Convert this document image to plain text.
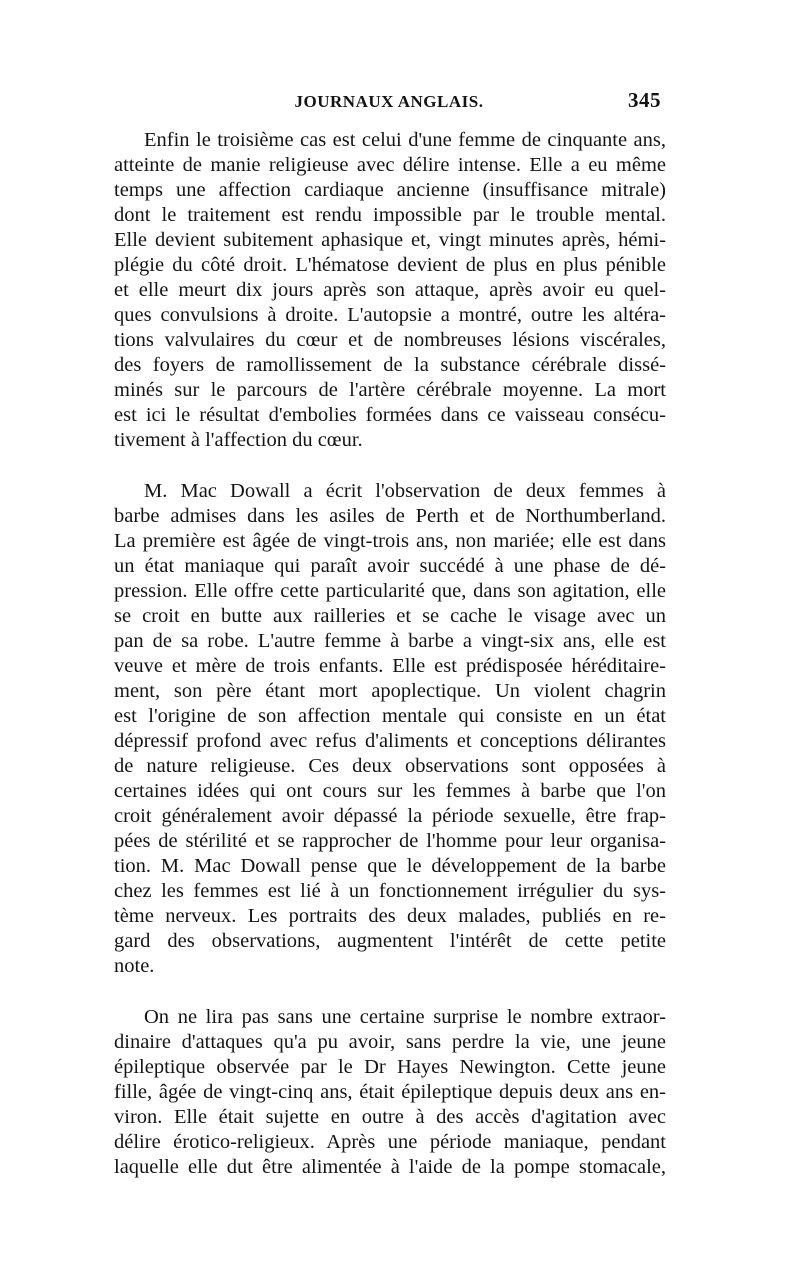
JOURNAUX ANGLAIS.	345

Enfin le troisième cas est celui d'une femme de cinquante ans,
atteinte de manie religieuse avec délire intense. Elle a eu même
temps une affection cardiaque ancienne (insuffisance mitrale)
dont le traitement est rendu impossible par le trouble mental.
Elle devient subitement aphasique et, vingt minutes après, hémi-
plégie du côté droit. L'hématose devient de plus en plus pénible
et elle meurt dix jours après son attaque, après avoir eu quel-
ques convulsions à droite. L'autopsie a montré, outre les altéra-
tions valvulaires du cœur et de nombreuses lésions viscérales,
des foyers de ramollissement de la substance cérébrale dissé-
minés sur le parcours de l'artère cérébrale moyenne. La mort
est ici le résultat d'embolies formées dans ce vaisseau consécu-
tivement à l'affection du cœur.

M. Mac Dowall a écrit l'observation de deux femmes à
barbe admises dans les asiles de Perth et de Northumberland.
La première est âgée de vingt-trois ans, non mariée; elle est dans
un état maniaque qui paraît avoir succédé à une phase de dé-
pression. Elle offre cette particularité que, dans son agitation, elle
se croit en butte aux railleries et se cache le visage avec un
pan de sa robe. L'autre femme à barbe a vingt-six ans, elle est
veuve et mère de trois enfants. Elle est prédisposée héréditaire-
ment, son père étant mort apoplectique. Un violent chagrin
est l'origine de son affection mentale qui consiste en un état
dépressif profond avec refus d'aliments et conceptions délirantes
de nature religieuse. Ces deux observations sont opposées à
certaines idées qui ont cours sur les femmes à barbe que l'on
croit généralement avoir dépassé la période sexuelle, être frap-
pées de stérilité et se rapprocher de l'homme pour leur organisa-
tion. M. Mac Dowall pense que le développement de la barbe
chez les femmes est lié à un fonctionnement irrégulier du sys-
tème nerveux. Les portraits des deux malades, publiés en re-
gard des observations, augmentent l'intérêt de cette petite
note.

On ne lira pas sans une certaine surprise le nombre extraor-
dinaire d'attaques qu'a pu avoir, sans perdre la vie, une jeune
épileptique observée par le Dr Hayes Newington. Cette jeune
fille, âgée de vingt-cinq ans, était épileptique depuis deux ans en-
viron. Elle était sujette en outre à des accès d'agitation avec
délire érotico-religieux. Après une période maniaque, pendant
laquelle elle dut être alimentée à l'aide de la pompe stomacale,
